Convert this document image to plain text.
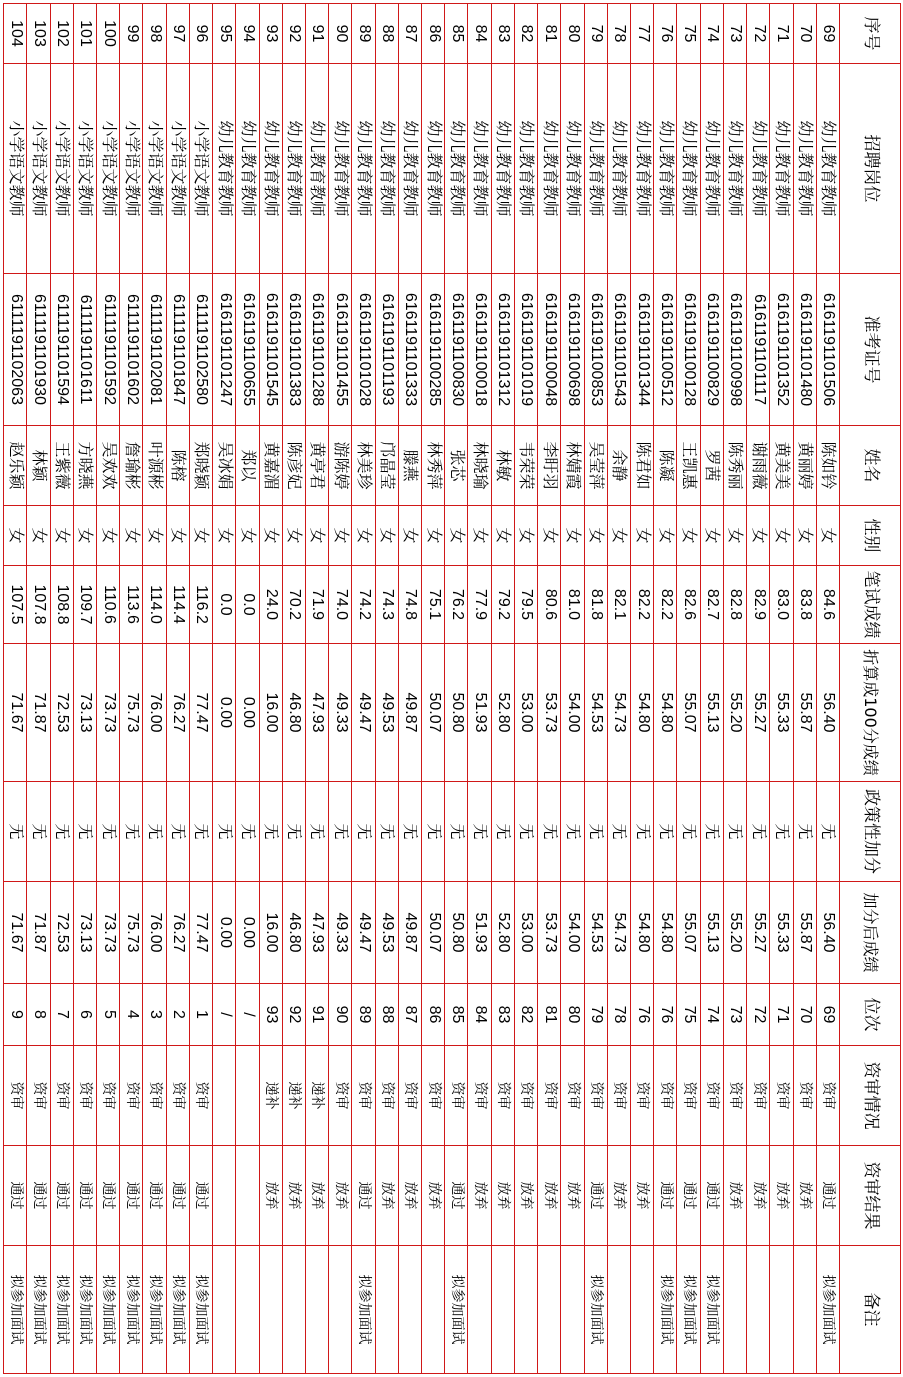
序号	招聘岗位	准考证号	姓名	性别	笔试成绩	折算成100分成绩	政策性加分	加分后成绩	位次	资审情况	资审结果	备注
69	幼儿教育教师	6161191101506	陈如钤	女	84.6	56.40	无	56.40	69	资审	通过	拟参加面试
70	幼儿教育教师	6161191101480	黄丽婷	女	83.8	55.87	无	55.87	70	资审	放弃	
71	幼儿教育教师	6161191101352	黄美美	女	83.0	55.33	无	55.33	71	资审	放弃	
72	幼儿教育教师	6161191101117	谢雨薇	女	82.9	55.27	无	55.27	72	资审	放弃	
73	幼儿教育教师	6161191100998	陈秀丽	女	82.8	55.20	无	55.20	73	资审	放弃	
74	幼儿教育教师	6161191100829	罗茜	女	82.7	55.13	无	55.13	74	资审	通过	拟参加面试
75	幼儿教育教师	6161191100128	王凯惠	女	82.6	55.07	无	55.07	75	资审	通过	拟参加面试
76	幼儿教育教师	6161191100512	陈凝	女	82.2	54.80	无	54.80	76	资审	通过	拟参加面试
77	幼儿教育教师	6161191101344	陈君如	女	82.2	54.80	无	54.80	76	资审	放弃	
78	幼儿教育教师	6161191101543	余静	女	82.1	54.73	无	54.73	78	资审	放弃	
79	幼儿教育教师	6161191100853	吴莹萍	女	81.8	54.53	无	54.53	79	资审	通过	拟参加面试
80	幼儿教育教师	6161191100698	林婧霞	女	81.0	54.00	无	54.00	80	资审	放弃	
81	幼儿教育教师	6161191100048	李盱羽	女	80.6	53.73	无	53.73	81	资审	放弃	
82	幼儿教育教师	6161191101019	韦荣荣	女	79.5	53.00	无	53.00	82	资审	放弃	
83	幼儿教育教师	6161191101312	林敏	女	79.2	52.80	无	52.80	83	资审	放弃	
84	幼儿教育教师	6161191100018	林晓瑜	女	77.9	51.93	无	51.93	84	资审	放弃	
85	幼儿教育教师	6161191100830	张芯	女	76.2	50.80	无	50.80	85	资审	通过	拟参加面试
86	幼儿教育教师	6161191100285	林秀萍	女	75.1	50.07	无	50.07	86	资审	放弃	
87	幼儿教育教师	6161191101333	滕燕	女	74.8	49.87	无	49.87	87	资审	放弃	
88	幼儿教育教师	6161191101193	邝晶莹	女	74.3	49.53	无	49.53	88	资审	放弃	
89	幼儿教育教师	6161191101028	林美珍	女	74.2	49.47	无	49.47	89	资审	通过	拟参加面试
90	幼儿教育教师	6161191101455	游陈婷	女	74.0	49.33	无	49.33	90	资审	放弃	
91	幼儿教育教师	6161191101288	黄亭君	女	71.9	47.93	无	47.93	91	递补	放弃	
92	幼儿教育教师	6161191101383	陈彦妃	女	70.2	46.80	无	46.80	92	递补	放弃	
93	幼儿教育教师	6161191101545	黄嘉湄	女	24.0	16.00	无	16.00	93	递补	放弃	
94	幼儿教育教师	6161191100655	郑以	女	0.0	0.00	无	0.00	/			
95	幼儿教育教师	6161191101247	吴冰娟	女	0.0	0.00	无	0.00	/			
96	小学语文教师	6111191102580	郑晓颖	女	116.2	77.47	无	77.47	1	资审	通过	拟参加面试
97	小学语文教师	6111191101847	陈榕	女	114.4	76.27	无	76.27	2	资审	通过	拟参加面试
98	小学语文教师	6111191102081	叶源彬	女	114.0	76.00	无	76.00	3	资审	通过	拟参加面试
99	小学语文教师	6111191101602	詹瑜彬	女	113.6	75.73	无	75.73	4	资审	通过	拟参加面试
100	小学语文教师	6111191101592	吴欢欢	女	110.6	73.73	无	73.73	5	资审	通过	拟参加面试
101	小学语文教师	6111191101611	方晓燕	女	109.7	73.13	无	73.13	6	资审	通过	拟参加面试
102	小学语文教师	6111191101594	王紫薇	女	108.8	72.53	无	72.53	7	资审	通过	拟参加面试
103	小学语文教师	6111191101930	林颖	女	107.8	71.87	无	71.87	8	资审	通过	拟参加面试
104	小学语文教师	6111191102063	赵乐颖	女	107.5	71.67	无	71.67	9	资审	通过	拟参加面试
